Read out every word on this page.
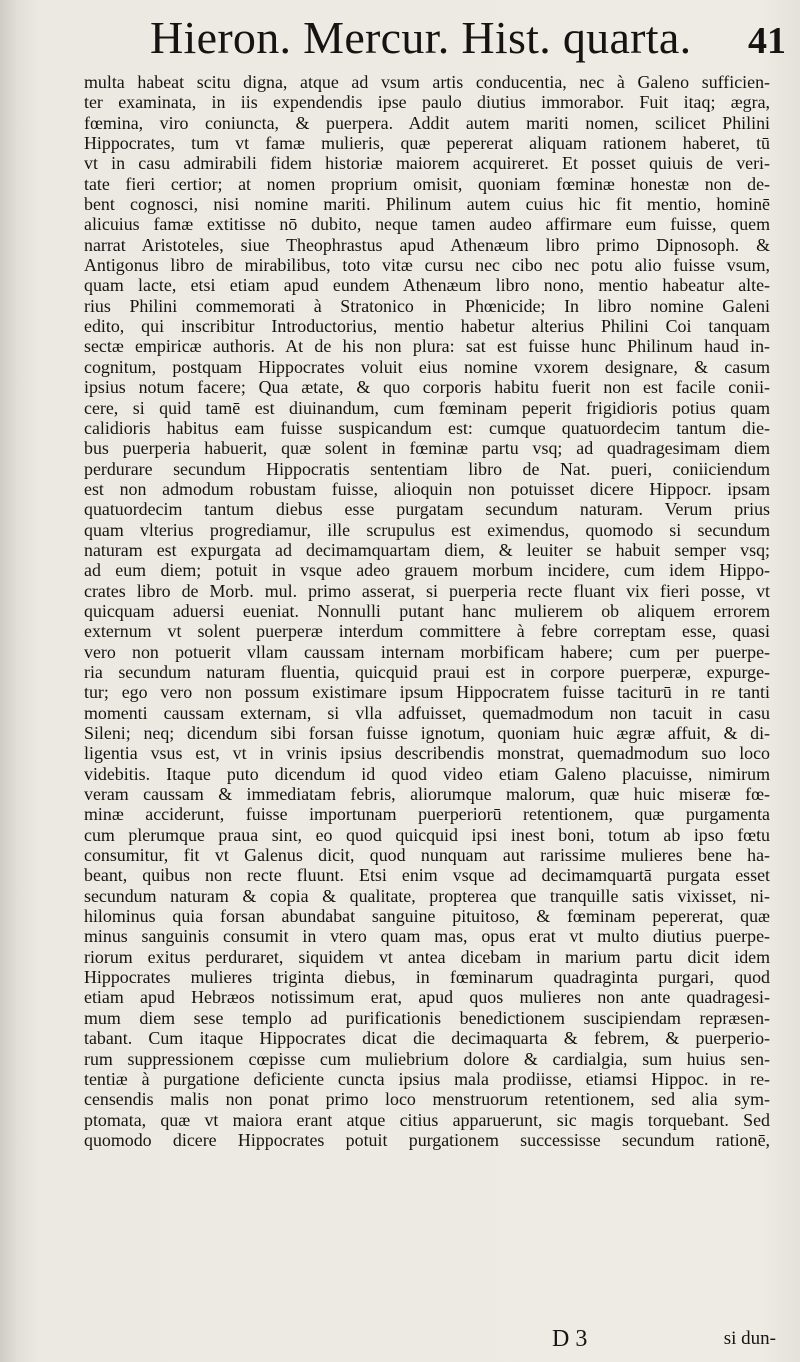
Hieron. Mercur. Hist. quarta. 41
multa habeat scitu digna, atque ad vsum artis conducentia, nec à Galeno sufficien-
ter examinata, in iis expendendis ipse paulo diutius immorabor. Fuit itaq; ægra,
fœmina, viro coniuncta, & puerpera. Addit autem mariti nomen, scilicet Philini
Hippocrates, tum vt famæ mulieris, quæ pepererat aliquam rationem haberet, tū
vt in casu admirabili fidem historiæ maiorem acquireret. Et posset quiuis de veri-
tate fieri certior; at nomen proprium omisit, quoniam fœminæ honestæ non de-
bent cognosci, nisi nomine mariti. Philinum autem cuius hic fit mentio, hominē
alicuius famæ extitisse nō dubito, neque tamen audeo affirmare eum fuisse, quem
narrat Aristoteles, siue Theophrastus apud Athenæum libro primo Dipnosoph. &
Antigonus libro de mirabilibus, toto vitæ cursu nec cibo nec potu alio fuisse vsum,
quam lacte, etsi etiam apud eundem Athenæum libro nono, mentio habeatur alte-
rius Philini commemorati à Stratonico in Phœnicide; In libro nomine Galeni
edito, qui inscribitur Introductorius, mentio habetur alterius Philini Coi tanquam
sectæ empiricæ authoris. At de his non plura: sat est fuisse hunc Philinum haud in-
cognitum, postquam Hippocrates voluit eius nomine vxorem designare, & casum
ipsius notum facere; Qua ætate, & quo corporis habitu fuerit non est facile conii-
cere, si quid tamē est diuinandum, cum fœminam peperit frigidioris potius quam
calidioris habitus eam fuisse suspicandum est: cumque quatuordecim tantum die-
bus puerperia habuerit, quæ solent in fœminæ partu vsq; ad quadragesimam diem
perdurare secundum Hippocratis sententiam libro de Nat. pueri, coniiciendum
est non admodum robustam fuisse, alioquin non potuisset dicere Hippocr. ipsam
quatuordecim tantum diebus esse purgatam secundum naturam. Verum prius
quam vlterius progrediamur, ille scrupulus est eximendus, quomodo si secundum
naturam est expurgata ad decimamquartam diem, & leuiter se habuit semper vsq;
ad eum diem; potuit in vsque adeo grauem morbum incidere, cum idem Hippo-
crates libro de Morb. mul. primo asserat, si puerperia recte fluant vix fieri posse, vt
quicquam aduersi eueniat. Nonnulli putant hanc mulierem ob aliquem errorem
externum vt solent puerperæ interdum committere à febre correptam esse, quasi
vero non potuerit vllam caussam internam morbificam habere; cum per puerpe-
ria secundum naturam fluentia, quicquid praui est in corpore puerperæ, expurge-
tur; ego vero non possum existimare ipsum Hippocratem fuisse taciturū in re tanti
momenti caussam externam, si vlla adfuisset, quemadmodum non tacuit in casu
Sileni; neq; dicendum sibi forsan fuisse ignotum, quoniam huic ægræ affuit, & di-
ligentia vsus est, vt in vrinis ipsius describendis monstrat, quemadmodum suo loco
videbitis. Itaque puto dicendum id quod video etiam Galeno placuisse, nimirum
veram caussam & immediatam febris, aliorumque malorum, quæ huic miseræ fœ-
minæ acciderunt, fuisse importunam puerperiorū retentionem, quæ purgamenta
cum plerumque praua sint, eo quod quicquid ipsi inest boni, totum ab ipso fœtu
consumitur, fit vt Galenus dicit, quod nunquam aut rarissime mulieres bene ha-
beant, quibus non recte fluunt. Etsi enim vsque ad decimamquartā purgata esset
secundum naturam & copia & qualitate, propterea que tranquille satis vixisset, ni-
hilominus quia forsan abundabat sanguine pituitoso, & fœminam pepererat, quæ
minus sanguinis consumit in vtero quam mas, opus erat vt multo diutius puerpe-
riorum exitus perduraret, siquidem vt antea dicebam in marium partu dicit idem
Hippocrates mulieres triginta diebus, in fœminarum quadraginta purgari, quod
etiam apud Hebræos notissimum erat, apud quos mulieres non ante quadragesi-
mum diem sese templo ad purificationis benedictionem suscipiendam repræsen-
tabant. Cum itaque Hippocrates dicat die decimaquarta & febrem, & puerperio-
rum suppressionem cœpisse cum muliebrium dolore & cardialgia, sum huius sen-
tentiæ à purgatione deficiente cuncta ipsius mala prodiisse, etiamsi Hippoc. in re-
censendis malis non ponat primo loco menstruorum retentionem, sed alia sym-
ptomata, quæ vt maiora erant atque citius apparuerunt, sic magis torquebant. Sed
quomodo dicere Hippocrates potuit purgationem successisse secundum rationē,
D 3	si dun-
